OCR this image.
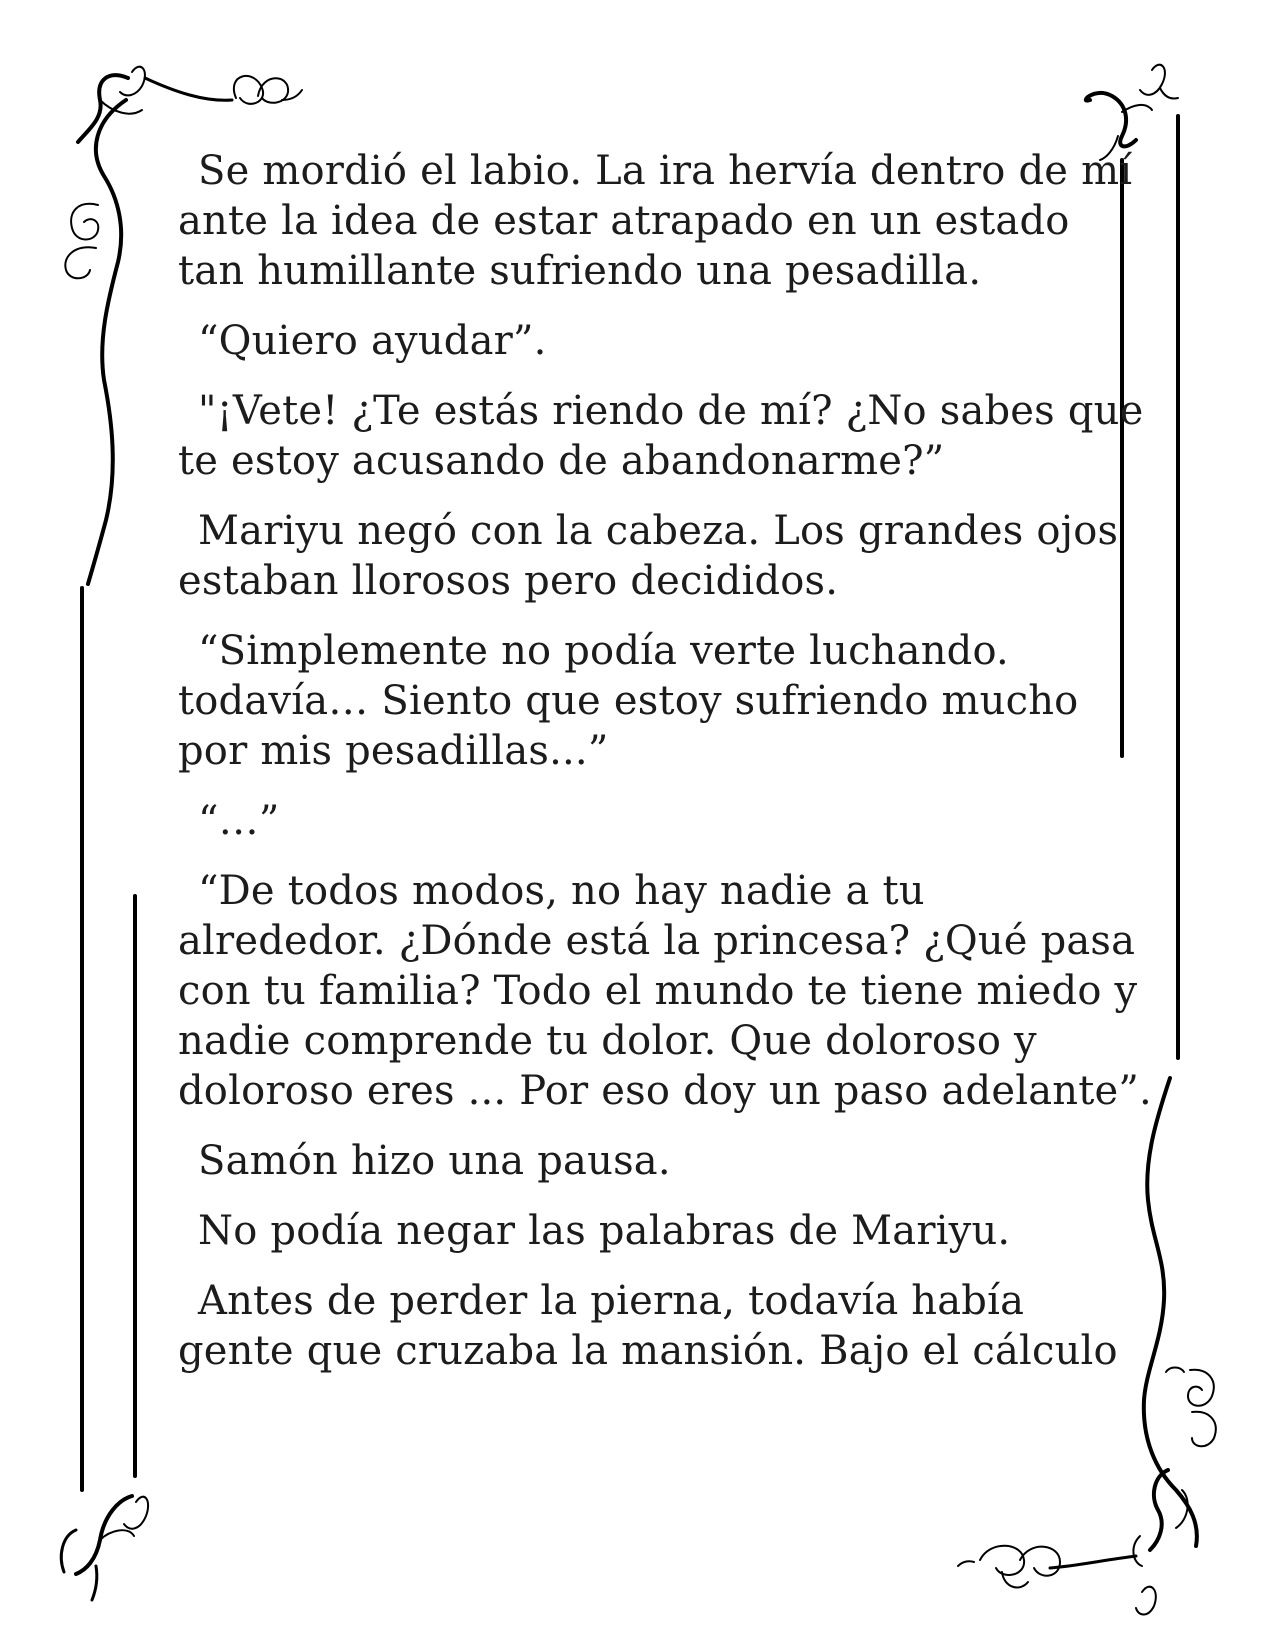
Se mordió el labio. La ira hervía dentro de mí
ante la idea de estar atrapado en un estado
tan humillante sufriendo una pesadilla.
“Quiero ayudar”.
"¡Vete! ¿Te estás riendo de mí? ¿No sabes que
te estoy acusando de abandonarme?”
Mariyu negó con la cabeza. Los grandes ojos
estaban llorosos pero decididos.
“Simplemente no podía verte luchando.
todavía… Siento que estoy sufriendo mucho
por mis pesadillas...”
“…”
“De todos modos, no hay nadie a tu
alrededor. ¿Dónde está la princesa? ¿Qué pasa
con tu familia? Todo el mundo te tiene miedo y
nadie comprende tu dolor. Que doloroso y
doloroso eres ... Por eso doy un paso adelante”.
Samón hizo una pausa.
No podía negar las palabras de Mariyu.
Antes de perder la pierna, todavía había
gente que cruzaba la mansión. Bajo el cálculo
